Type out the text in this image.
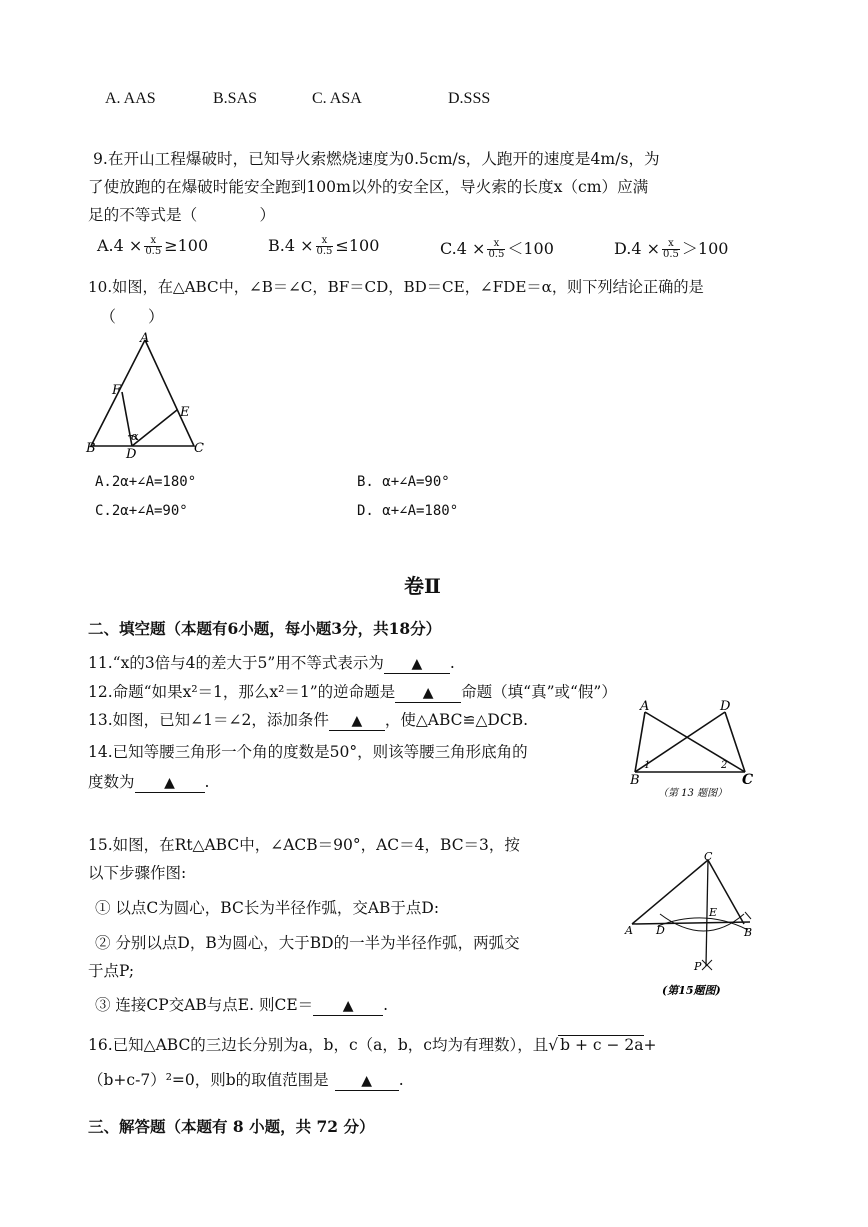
A. AAS	B.SAS	C. ASA	D.SSS
9.在开山工程爆破时，已知导火索燃烧速度为0.5cm/s，人跑开的速度是4m/s，为
了使放跑的在爆破时能安全跑到100m以外的安全区，导火索的长度x（cm）应满
足的不等式是（　　　　）
$A.4 \times \frac{x}{0.5} \ge 100$	$B.4 \times \frac{x}{0.5} \le 100$	$C.4 \times \frac{x}{0.5} <100$	$D.4 \times \frac{x}{0.5} >100$
10.如图，在△ABC中，∠B＝∠C，BF＝CD，BD＝CE，∠FDE＝α，则下列结论正确的是
（　　）
A
F
E
α
B D	C
A.2α+∠A=180°	B. α+∠A=90°
C.2α+∠A=90°	D. α+∠A=180°
卷Ⅱ
二、填空题（本题有6小题，每小题3分，共18分）
11.“x的3倍与4的差大于5”用不等式表示为 ▲ .
12.命题“如果x²＝1，那么x²＝1”的逆命题是 ▲ 命题（填“真”或“假”）
13.如图，已知∠1＝∠2，添加条件 ▲ ，使△ABC≌△DCB.
14.已知等腰三角形一个角的度数是50°，则该等腰三角形底角的
度数为 ▲ .
A	D
1	2
B	C
（第 13 题图）
15.如图，在Rt△ABC中，∠ACB＝90°，AC＝4，BC＝3，按
以下步骤作图:
① 以点C为圆心，BC长为半径作弧，交AB于点D:
② 分别以点D，B为圆心，大于BD的一半为半径作弧，两弧交
于点P;
③ 连接CP交AB与点E. 则CE＝ ▲ .
C
E
A D	B
P
(第15题图)
16.已知△ABC的三边长分别为a，b，c（a，b，c均为有理数），且√ b + c − 2a+
（b+c-7）²=0，则b的取值范围是 ▲ .
三、解答题（本题有 8 小题，共 72 分）
